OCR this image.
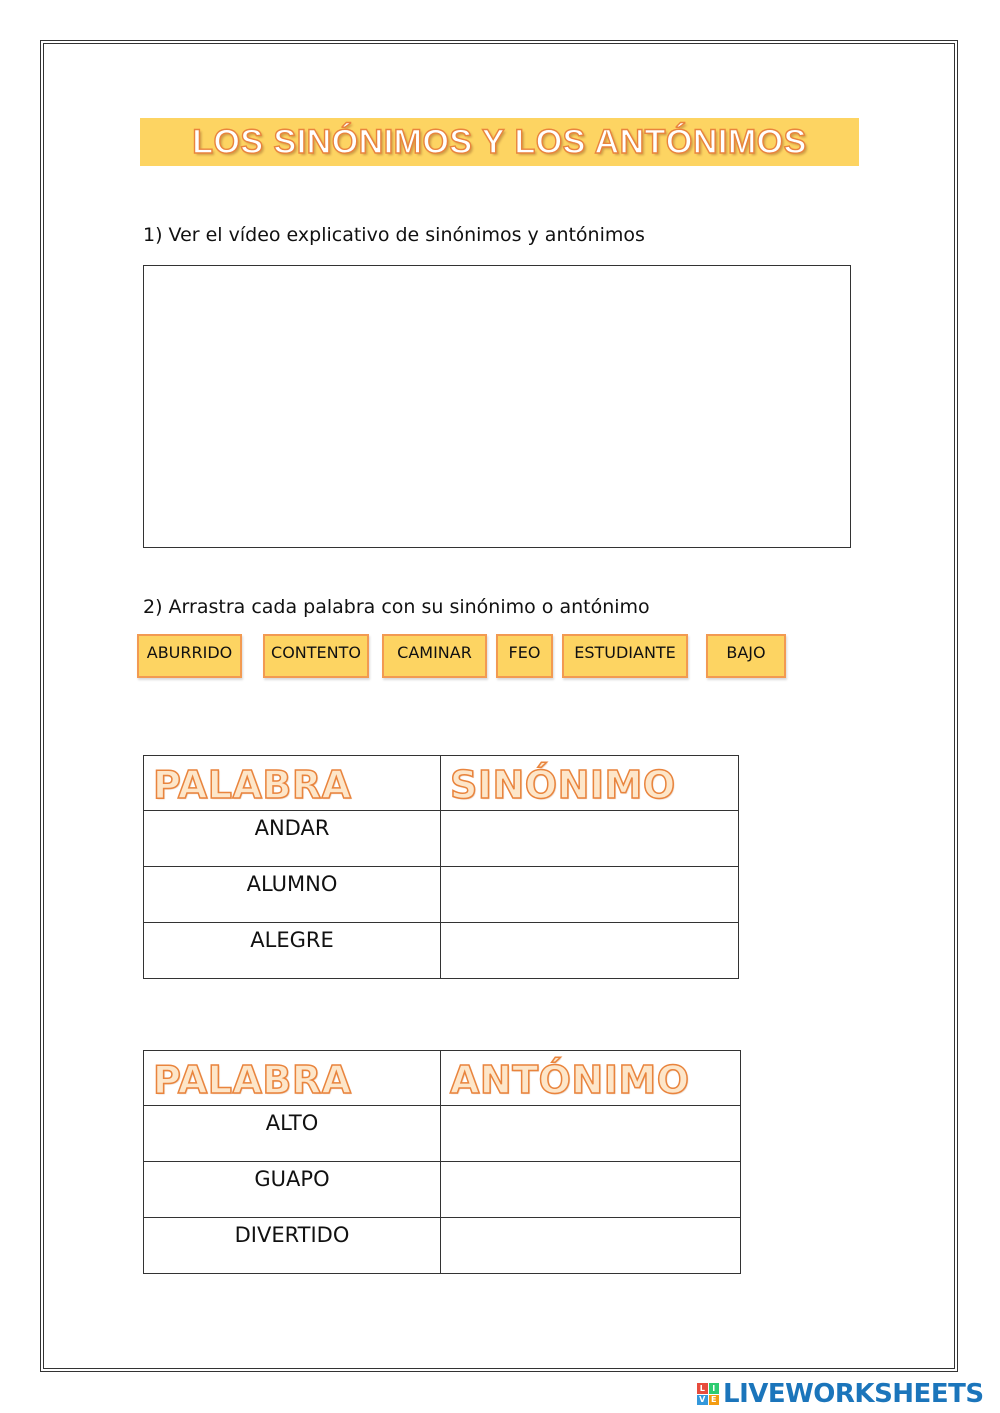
LOS SINÓNIMOS Y LOS ANTÓNIMOS
1) Ver el vídeo explicativo de sinónimos y antónimos
2) Arrastra cada palabra con su sinónimo o antónimo
ABURRIDO	CONTENTO	CAMINAR	FEO	ESTUDIANTE	BAJO
PALABRA	SINÓNIMO
ANDAR	
ALUMNO	
ALEGRE	
PALABRA	ANTÓNIMO
ALTO	
GUAPO	
DIVERTIDO	
L I
V E LIVEWORKSHEETS
